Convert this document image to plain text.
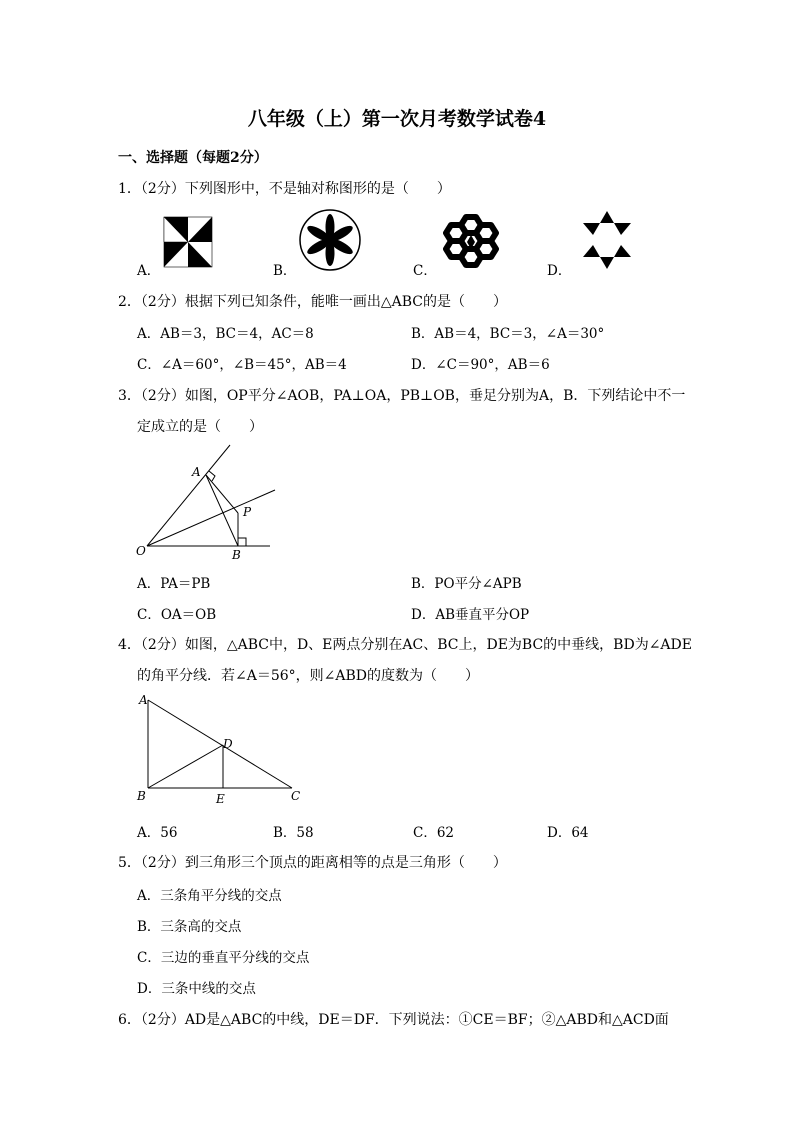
八年级（上）第一次月考数学试卷4
一、选择题（每题2分）
1．（2分）下列图形中，不是轴对称图形的是（　　）
A．	B．	C．	D．
2．（2分）根据下列已知条件，能唯一画出△ABC的是（　　）
A．AB＝3，BC＝4，AC＝8	B．AB＝4，BC＝3，∠A＝30°
C．∠A＝60°，∠B＝45°，AB＝4	D．∠C＝90°，AB＝6
3．（2分）如图，OP平分∠AOB，PA⊥OA，PB⊥OB，垂足分别为A，B．下列结论中不一
定成立的是（　　）
A
P
O	B
A．PA＝PB	B．PO平分∠APB
C．OA＝OB	D．AB垂直平分OP
4．（2分）如图，△ABC中，D、E两点分别在AC、BC上，DE为BC的中垂线，BD为∠ADE
的角平分线．若∠A＝56°，则∠ABD的度数为（　　）
A
D
B	E	C
A．56	B．58	C．62	D．64
5．（2分）到三角形三个顶点的距离相等的点是三角形（　　）
A．三条角平分线的交点
B．三条高的交点
C．三边的垂直平分线的交点
D．三条中线的交点
6．（2分）AD是△ABC的中线，DE＝DF．下列说法：①CE＝BF；②△ABD和△ACD面
